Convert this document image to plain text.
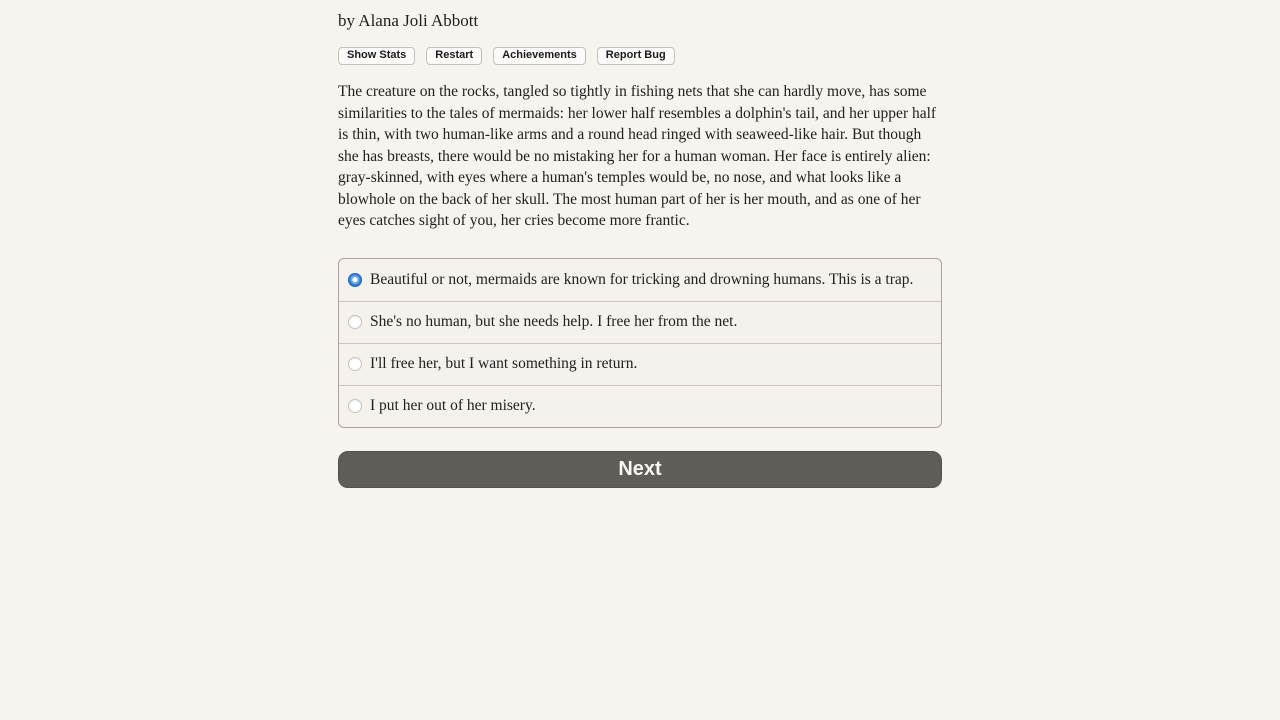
by Alana Joli Abbott
Show Stats	Restart	Achievements	Report Bug

The creature on the rocks, tangled so tightly in fishing nets that she can hardly move, has some similarities to the tales of mermaids: her lower half resembles a dolphin's tail, and her upper half is thin, with two human-like arms and a round head ringed with seaweed-like hair. But though she has breasts, there would be no mistaking her for a human woman. Her face is entirely alien: gray-skinned, with eyes where a human's temples would be, no nose, and what looks like a blowhole on the back of her skull. The most human part of her is her mouth, and as one of her eyes catches sight of you, her cries become more frantic.

Beautiful or not, mermaids are known for tricking and drowning humans. This is a trap.
She's no human, but she needs help. I free her from the net.
I'll free her, but I want something in return.
I put her out of her misery.
Next
